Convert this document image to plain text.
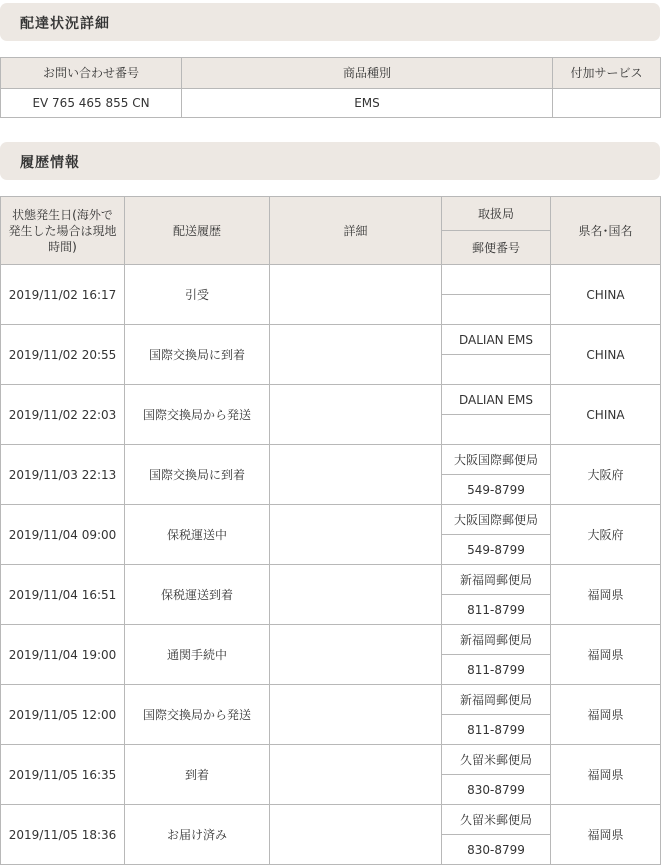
配達状況詳細
お問い合わせ番号	商品種別	付加サービス
EV 765 465 855 CN	EMS	
履歴情報
状態発生日(海外で発生した場合は現地時間)	配送履歴	詳細	取扱局	県名･国名
			郵便番号	
2019/11/02 16:17	引受			CHINA

2019/11/02 20:55	国際交換局に到着		DALIAN EMS	CHINA

2019/11/02 22:03	国際交換局から発送		DALIAN EMS	CHINA

2019/11/03 22:13	国際交換局に到着		大阪国際郵便局	大阪府
			549-8799	
2019/11/04 09:00	保税運送中		大阪国際郵便局	大阪府
			549-8799	
2019/11/04 16:51	保税運送到着		新福岡郵便局	福岡県
			811-8799	
2019/11/04 19:00	通関手続中		新福岡郵便局	福岡県
			811-8799	
2019/11/05 12:00	国際交換局から発送		新福岡郵便局	福岡県
			811-8799	
2019/11/05 16:35	到着		久留米郵便局	福岡県
			830-8799	
2019/11/05 18:36	お届け済み		久留米郵便局	福岡県
			830-8799	
